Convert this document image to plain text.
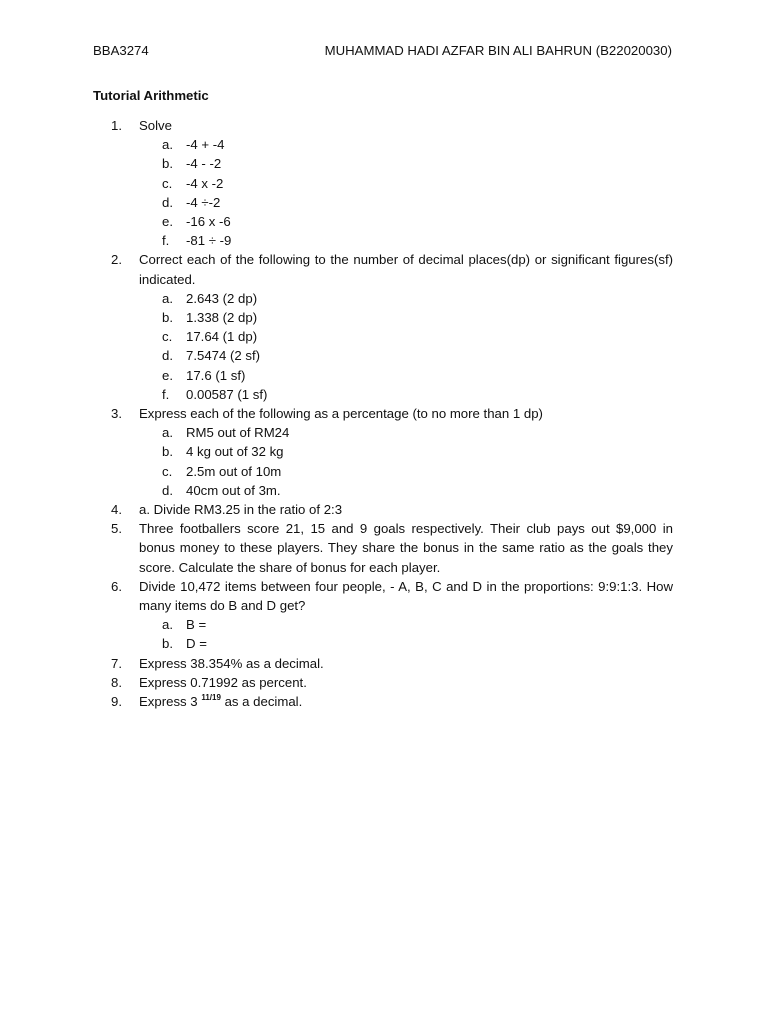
BBA3274	MUHAMMAD HADI AZFAR BIN ALI BAHRUN (B22020030)
Tutorial Arithmetic
1.	Solve
a. -4 + -4
b. -4 - -2
c.	-4 x -2
d. -4 ÷-2
e. -16 x -6
f.	-81 ÷ -9
2.	Correct each of the following to the number of decimal places(dp) or significant figures(sf) indicated.
a. 2.643 (2 dp)
b. 1.338 (2 dp)
c.	17.64 (1 dp)
d. 7.5474 (2 sf)
e. 17.6 (1 sf)
f.	0.00587 (1 sf)
3.	Express each of the following as a percentage (to no more than 1 dp)
a. RM5 out of RM24
b. 4 kg out of 32 kg
c.	2.5m out of 10m
d. 40cm out of 3m.
4.	a. Divide RM3.25 in the ratio of 2:3
5.	Three footballers score 21, 15 and 9 goals respectively. Their club pays out $9,000 in bonus money to these players. They share the bonus in the same ratio as the goals they score. Calculate the share of bonus for each player.
6.	Divide 10,472 items between four people, - A, B, C and D in the proportions: 9:9:1:3. How many items do B and D get?
a. B =
b. D =
7.	Express 38.354% as a decimal.
8.	Express 0.71992 as percent.
9.	Express 3 $^{11/19}$ as a decimal.
